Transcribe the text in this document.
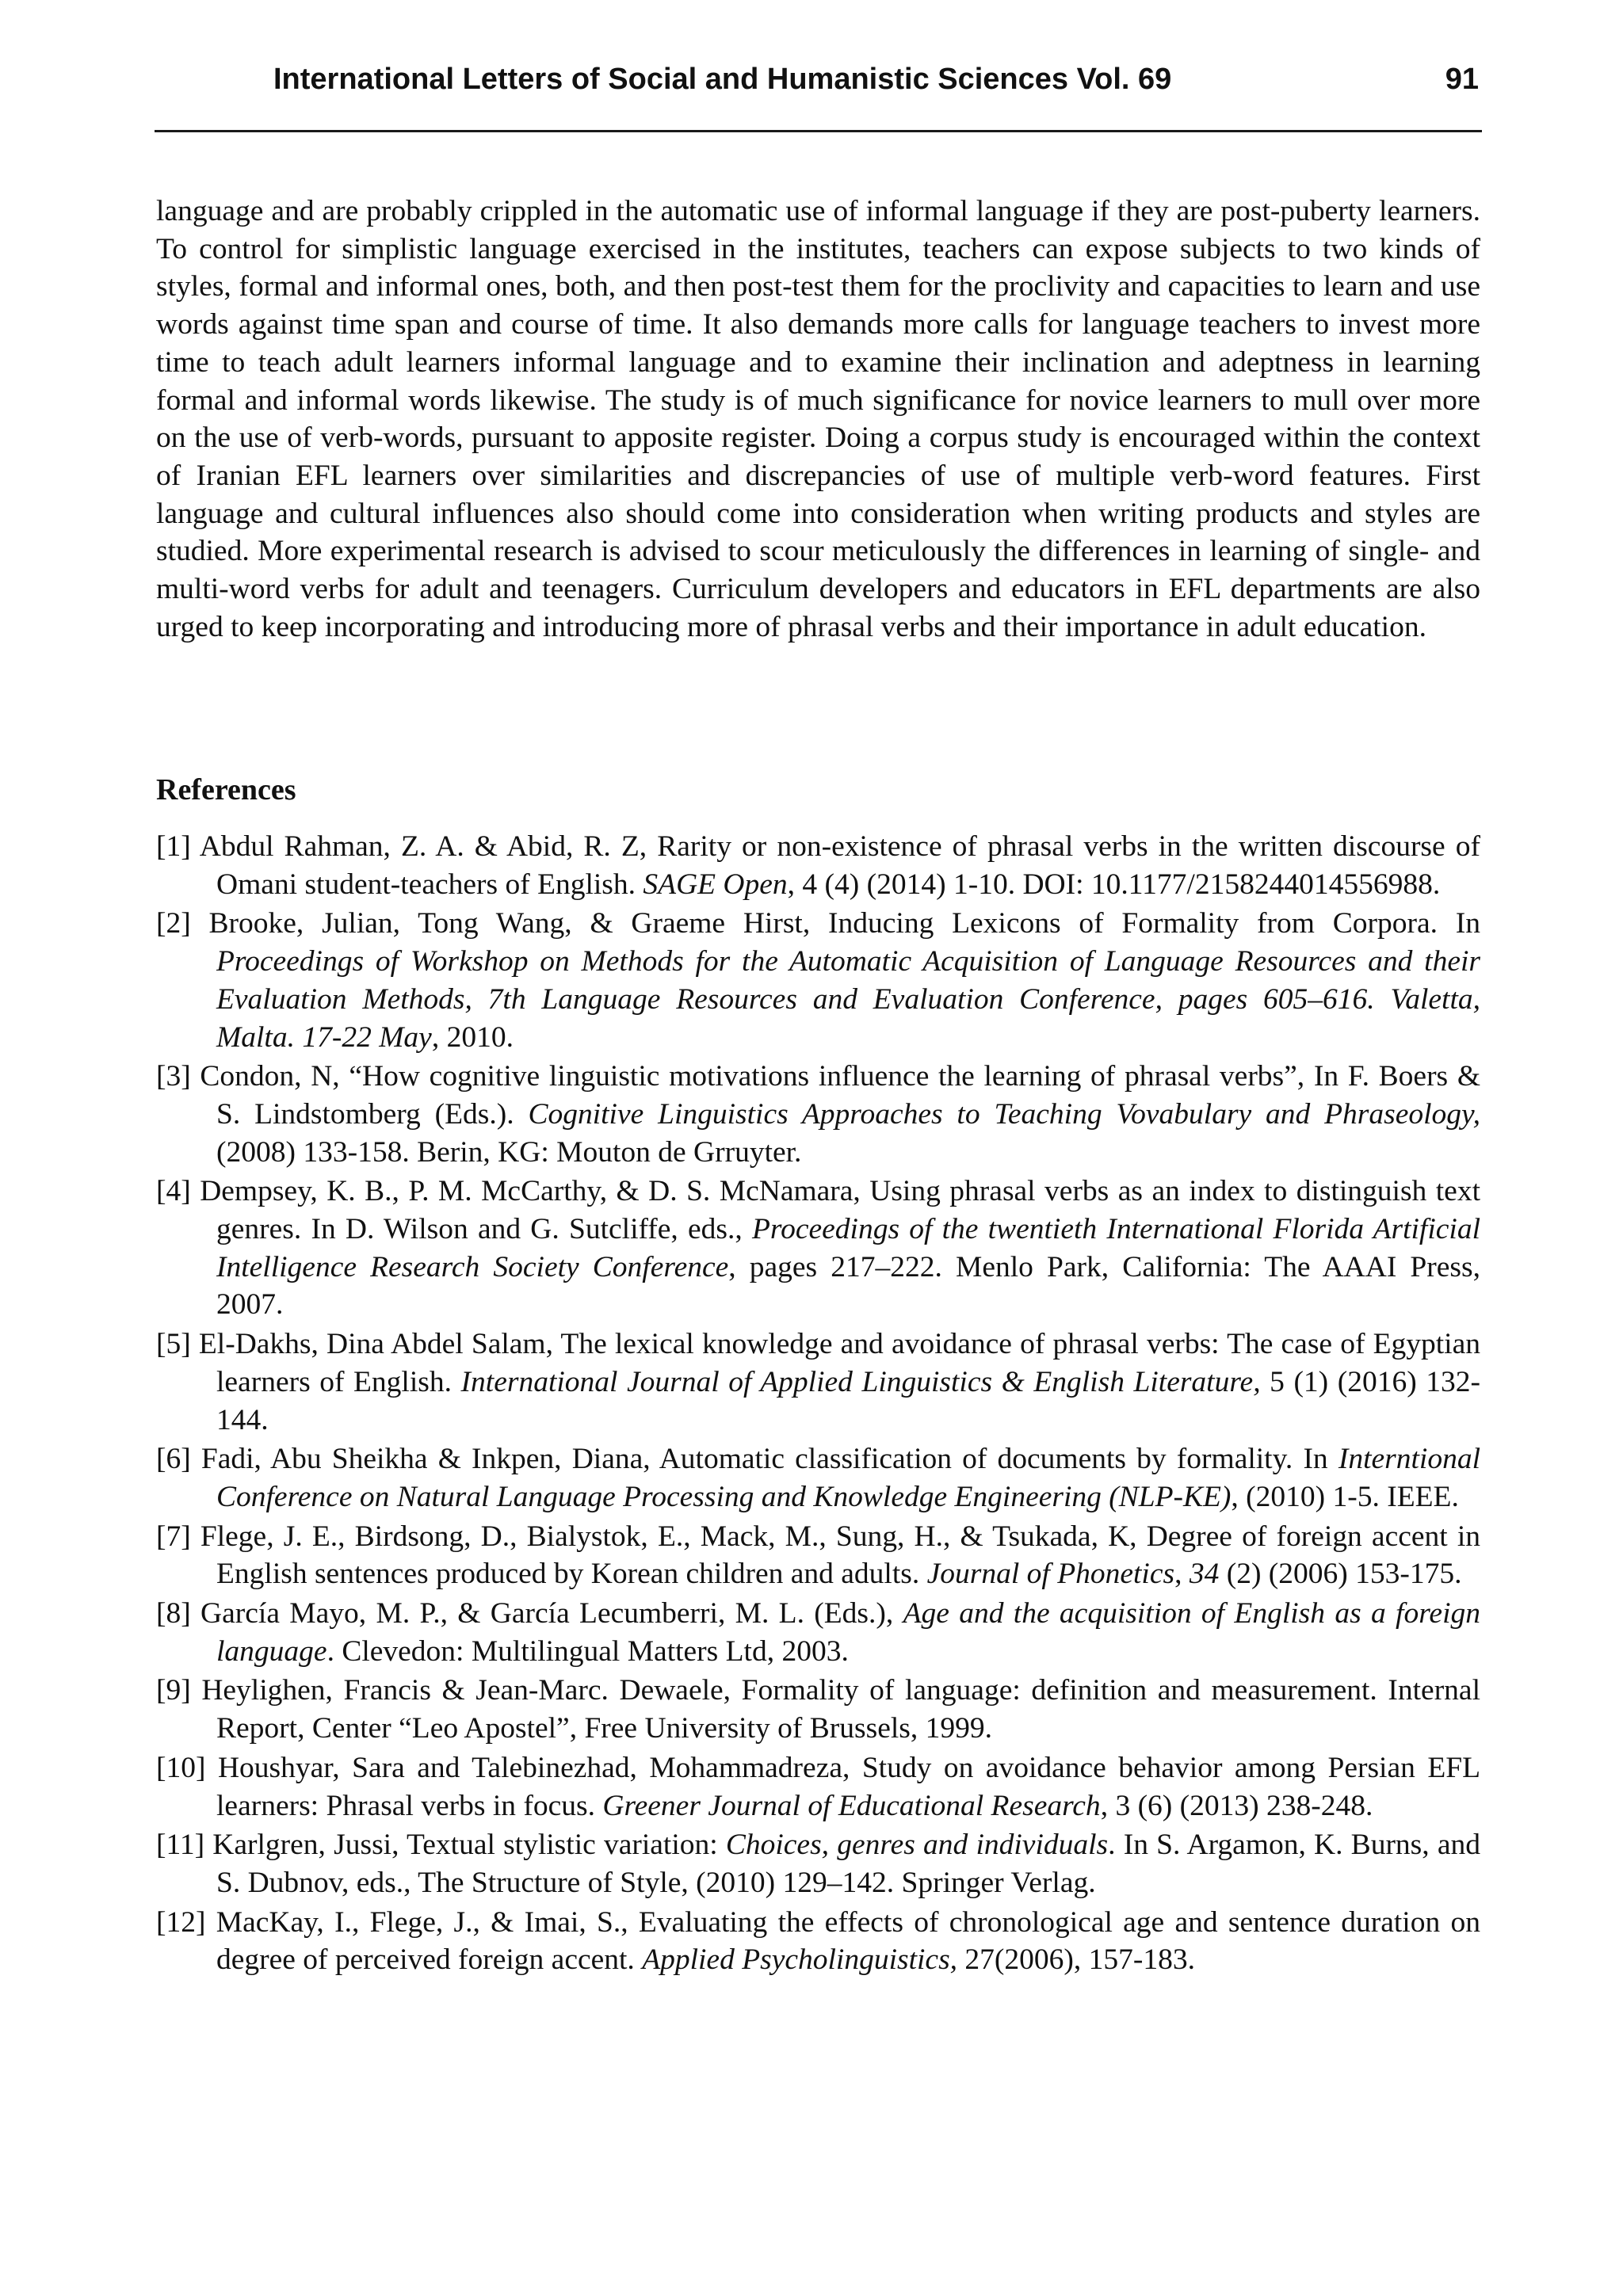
International Letters of Social and Humanistic Sciences Vol. 69	91

language and are probably crippled in the automatic use of informal language if they are post-puberty learners. To control for simplistic language exercised in the institutes, teachers can expose subjects to two kinds of styles, formal and informal ones, both, and then post-test them for the proclivity and capacities to learn and use words against time span and course of time. It also demands more calls for language teachers to invest more time to teach adult learners informal language and to examine their inclination and adeptness in learning formal and informal words likewise. The study is of much significance for novice learners to mull over more on the use of verb-words, pursuant to apposite register. Doing a corpus study is encouraged within the context of Iranian EFL learners over similarities and discrepancies of use of multiple verb-word features. First language and cultural influences also should come into consideration when writing products and styles are studied. More experimental research is advised to scour meticulously the differences in learning of single- and multi-word verbs for adult and teenagers. Curriculum developers and educators in EFL departments are also urged to keep incorporating and introducing more of phrasal verbs and their importance in adult education.

References
[1] Abdul Rahman, Z. A. & Abid, R. Z, Rarity or non-existence of phrasal verbs in the written discourse of Omani student-teachers of English. SAGE Open, 4 (4) (2014) 1-10. DOI: 10.1177/2158244014556988.
[2] Brooke, Julian, Tong Wang, & Graeme Hirst, Inducing Lexicons of Formality from Corpora. In Proceedings of Workshop on Methods for the Automatic Acquisition of Language Resources and their Evaluation Methods, 7th Language Resources and Evaluation Conference, pages 605–616. Valetta, Malta. 17-22 May, 2010.
[3] Condon, N, “How cognitive linguistic motivations influence the learning of phrasal verbs”, In F. Boers & S. Lindstomberg (Eds.). Cognitive Linguistics Approaches to Teaching Vovabulary and Phraseology, (2008) 133-158. Berin, KG: Mouton de Grruyter.
[4] Dempsey, K. B., P. M. McCarthy, & D. S. McNamara, Using phrasal verbs as an index to distinguish text genres. In D. Wilson and G. Sutcliffe, eds., Proceedings of the twentieth International Florida Artificial Intelligence Research Society Conference, pages 217–222. Menlo Park, California: The AAAI Press, 2007.
[5] El-Dakhs, Dina Abdel Salam, The lexical knowledge and avoidance of phrasal verbs: The case of Egyptian learners of English. International Journal of Applied Linguistics & English Literature, 5 (1) (2016) 132-144.
[6] Fadi, Abu Sheikha & Inkpen, Diana, Automatic classification of documents by formality. In Interntional Conference on Natural Language Processing and Knowledge Engineering (NLP-KE), (2010) 1-5. IEEE.
[7] Flege, J. E., Birdsong, D., Bialystok, E., Mack, M., Sung, H., & Tsukada, K, Degree of foreign accent in English sentences produced by Korean children and adults. Journal of Phonetics, 34 (2) (2006) 153-175.
[8] García Mayo, M. P., & García Lecumberri, M. L. (Eds.), Age and the acquisition of English as a foreign language. Clevedon: Multilingual Matters Ltd, 2003.
[9] Heylighen, Francis & Jean-Marc. Dewaele, Formality of language: definition and measurement. Internal Report, Center “Leo Apostel”, Free University of Brussels, 1999.
[10] Houshyar, Sara and Talebinezhad, Mohammadreza, Study on avoidance behavior among Persian EFL learners: Phrasal verbs in focus. Greener Journal of Educational Research, 3 (6) (2013) 238-248.
[11] Karlgren, Jussi, Textual stylistic variation: Choices, genres and individuals. In S. Argamon, K. Burns, and S. Dubnov, eds., The Structure of Style, (2010) 129–142. Springer Verlag.
[12] MacKay, I., Flege, J., & Imai, S., Evaluating the effects of chronological age and sentence duration on degree of perceived foreign accent. Applied Psycholinguistics, 27(2006), 157-183.
